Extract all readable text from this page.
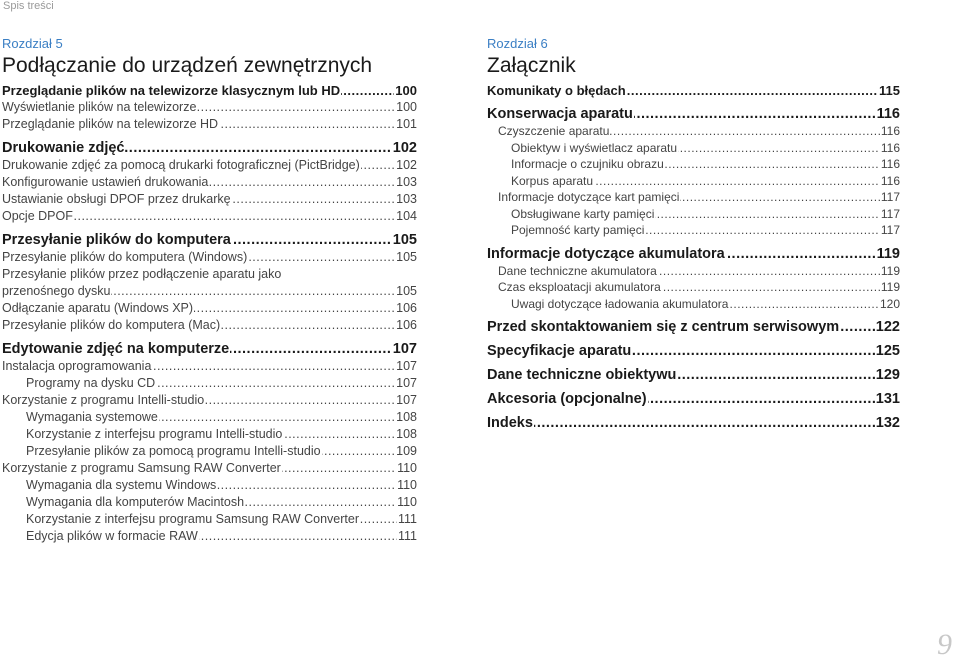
Spis treści
Rozdział 5
Podłączanie do urządzeń zewnętrznych
Przeglądanie plików na telewizorze klasycznym lub HD	100
.....
Wyświetlanie plików na telewizorze	100
.....
Przeglądanie plików na telewizorze HD	101
.....
Drukowanie zdjęć	102
.....
Drukowanie zdjęć za pomocą drukarki fotograficznej (PictBridge)	102
.....
Konfigurowanie ustawień drukowania	103
.....
Ustawianie obsługi DPOF przez drukarkę	103
.....
Opcje DPOF	104
.....
Przesyłanie plików do komputera	105
.....
Przesyłanie plików do komputera (Windows)	105
.....
Przesyłanie plików przez podłączenie aparatu jako
przenośnego dysku	105
.....
Odłączanie aparatu (Windows XP)	106
.....
Przesyłanie plików do komputera (Mac)	106
.....
Edytowanie zdjęć na komputerze	107
.....
Instalacja oprogramowania	107
.....
Programy na dysku CD	107
.....
Korzystanie z programu Intelli-studio	107
.....
Wymagania systemowe	108
.....
Korzystanie z interfejsu programu Intelli-studio	108
.....
Przesyłanie plików za pomocą programu Intelli-studio	109
.....
Korzystanie z programu Samsung RAW Converter	110
.....
Wymagania dla systemu Windows	110
.....
Wymagania dla komputerów Macintosh	110
.....
Korzystanie z interfejsu programu Samsung RAW Converter	111
.....
Edycja plików w formacie RAW	111
.....
Rozdział 6
Załącznik
Komunikaty o błędach	115
.....
Konserwacja aparatu	116
.....
Czyszczenie aparatu	116
.....
Obiektyw i wyświetlacz aparatu	116
.....
Informacje o czujniku obrazu	116
.....
Korpus aparatu	116
.....
Informacje dotyczące kart pamięci	117
.....
Obsługiwane karty pamięci	117
.....
Pojemność karty pamięci	117
.....
Informacje dotyczące akumulatora	119
.....
Dane techniczne akumulatora	119
.....
Czas eksploatacji akumulatora	119
.....
Uwagi dotyczące ładowania akumulatora	120
.....
Przed skontaktowaniem się z centrum serwisowym	122
.....
Specyfikacje aparatu	125
.....
Dane techniczne obiektywu	129
.....
Akcesoria (opcjonalne)	131
.....
Indeks	132
.....
9
